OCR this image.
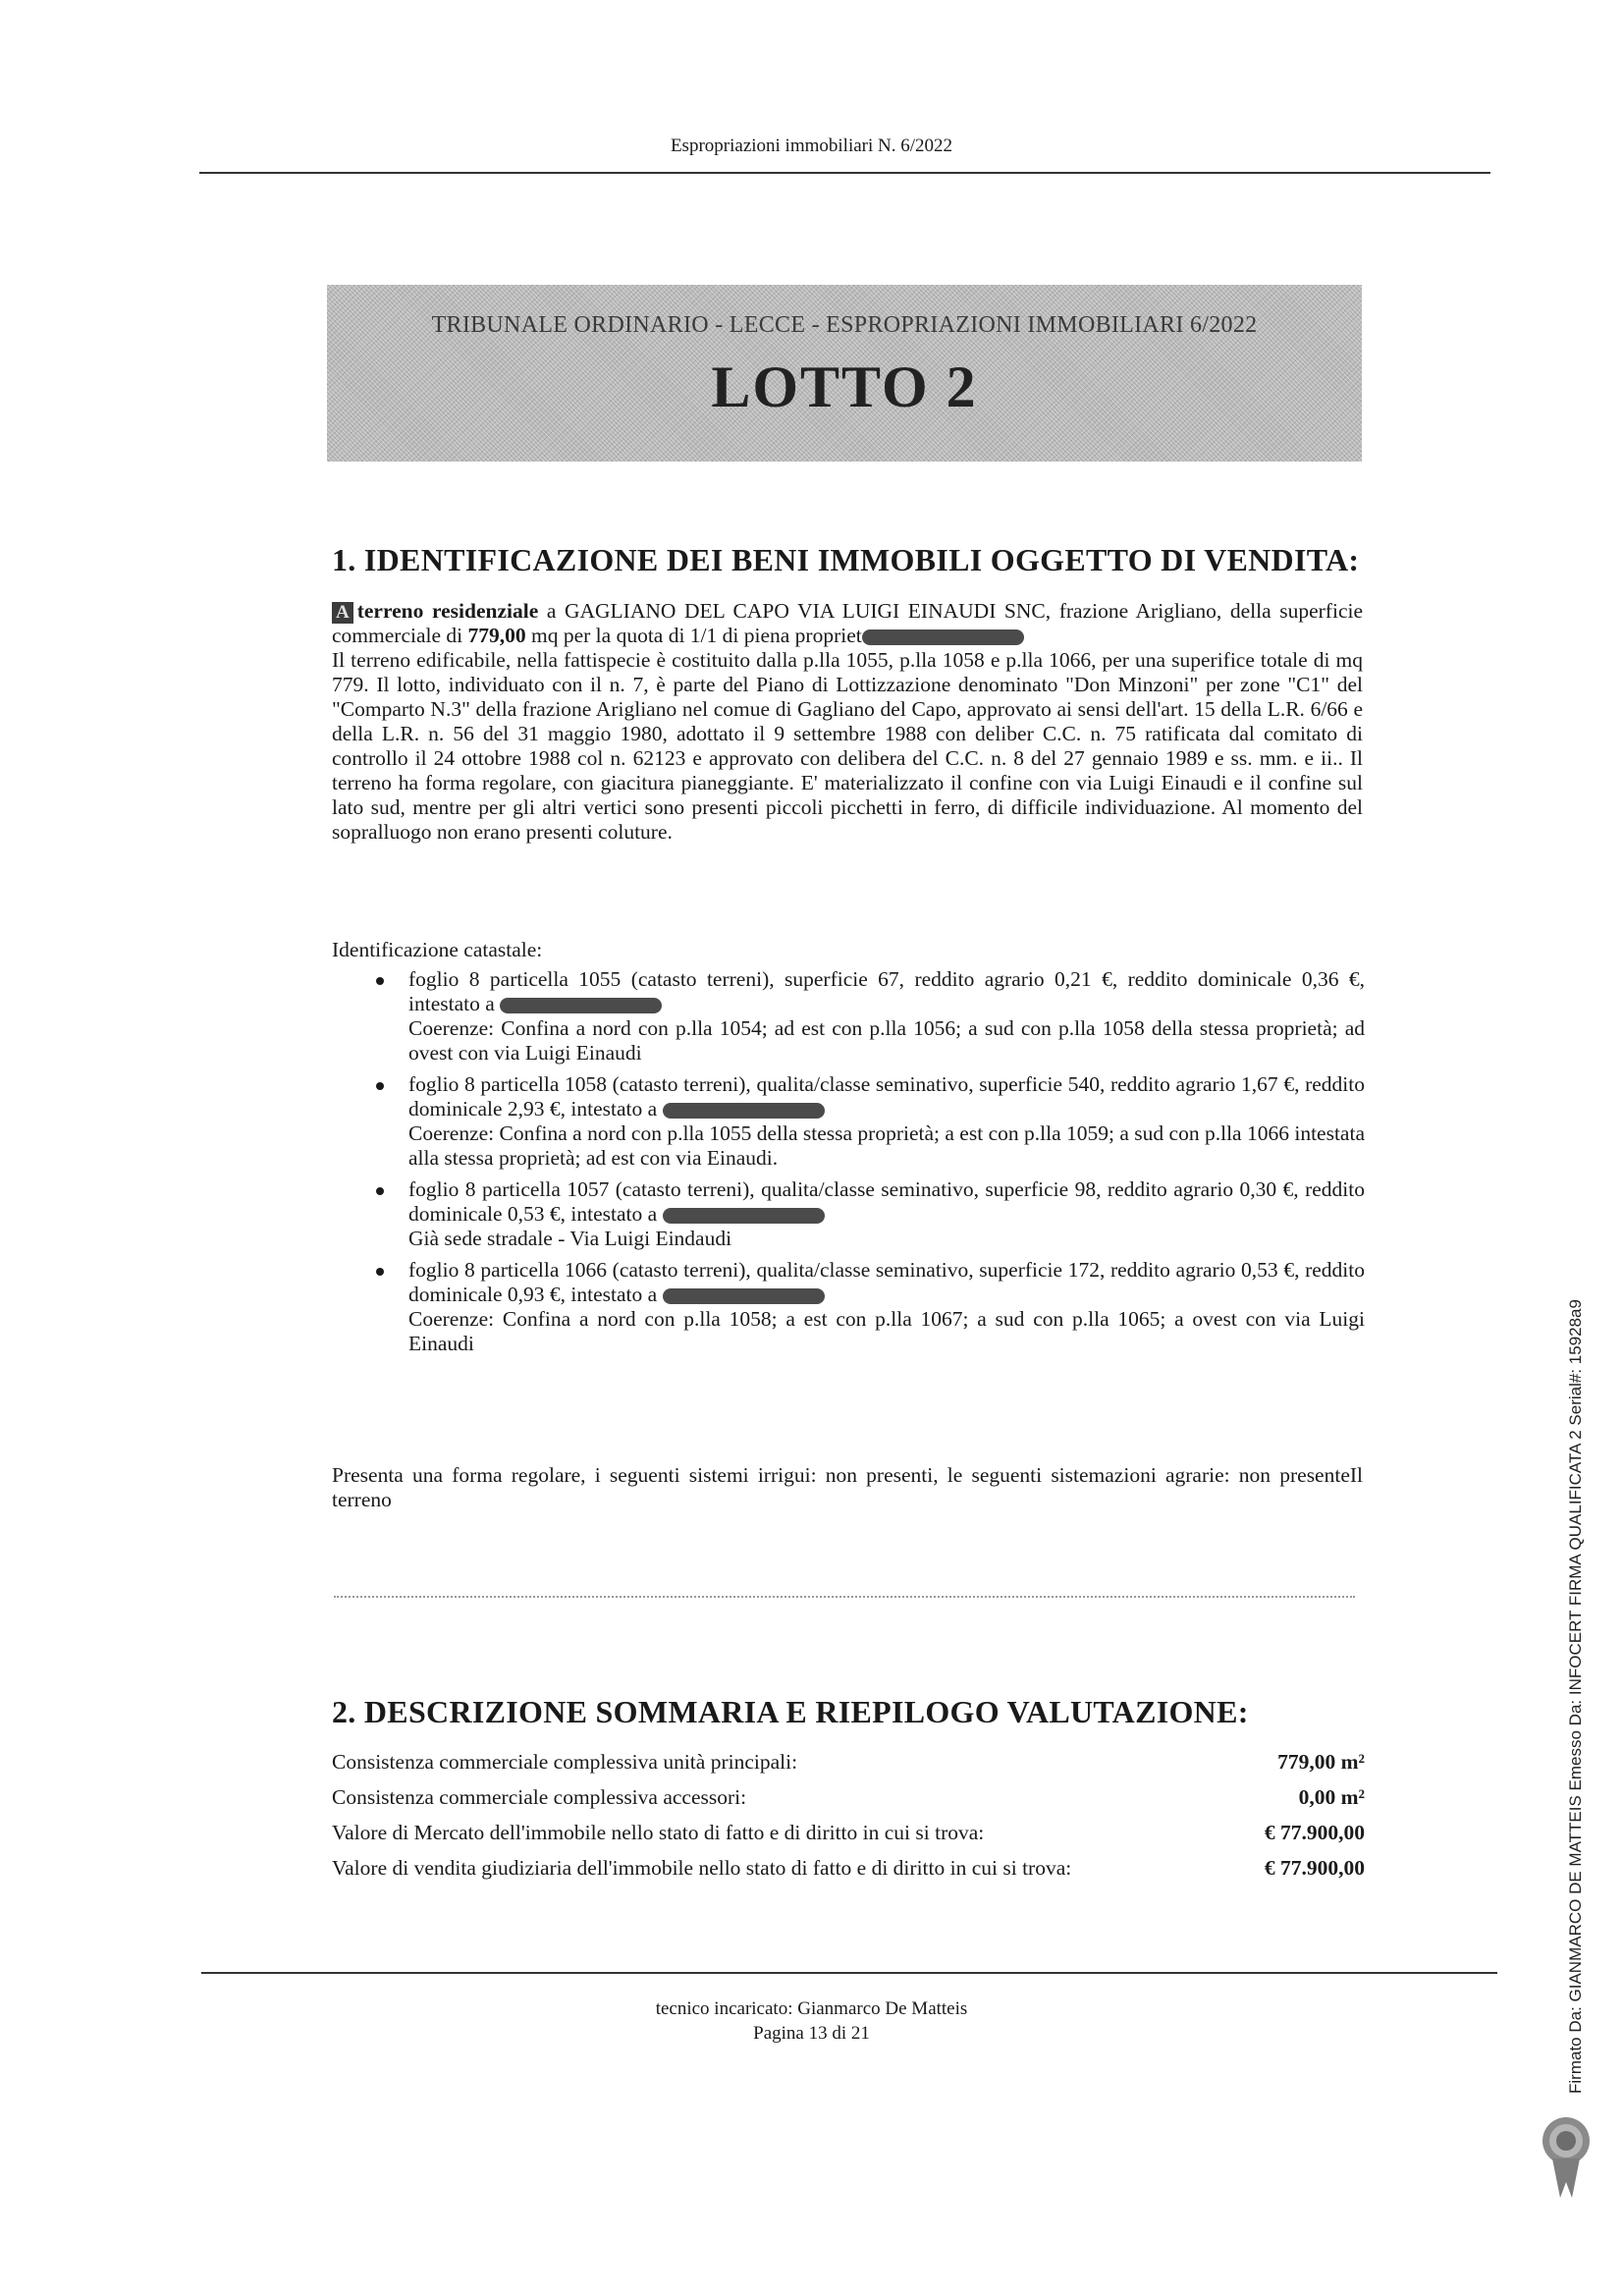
Espropriazioni immobiliari N. 6/2022
TRIBUNALE ORDINARIO - LECCE - ESPROPRIAZIONI IMMOBILIARI 6/2022
LOTTO 2
1. IDENTIFICAZIONE DEI BENI IMMOBILI OGGETTO DI VENDITA:
A terreno residenziale a GAGLIANO DEL CAPO VIA LUIGI EINAUDI SNC, frazione Arigliano, della superficie commerciale di 779,00 mq per la quota di 1/1 di piena propriet
Il terreno edificabile, nella fattispecie è costituito dalla p.lla 1055, p.lla 1058 e p.lla 1066, per una superifice totale di mq 779. Il lotto, individuato con il n. 7, è parte del Piano di Lottizzazione denominato "Don Minzoni" per zone "C1" del "Comparto N.3" della frazione Arigliano nel comue di Gagliano del Capo, approvato ai sensi dell'art. 15 della L.R. 6/66 e della L.R. n. 56 del 31 maggio 1980, adottato il 9 settembre 1988 con deliber C.C. n. 75 ratificata dal comitato di controllo il 24 ottobre 1988 col n. 62123 e approvato con delibera del C.C. n. 8 del 27 gennaio 1989 e ss. mm. e ii.. Il terreno ha forma regolare, con giacitura pianeggiante. E' materializzato il confine con via Luigi Einaudi e il confine sul lato sud, mentre per gli altri vertici sono presenti piccoli picchetti in ferro, di difficile individuazione. Al momento del sopralluogo non erano presenti coluture.
Identificazione catastale:
foglio 8 particella 1055 (catasto terreni), superficie 67, reddito agrario 0,21 €, reddito dominicale 0,36 €, intestato a
Coerenze: Confina a nord con p.lla 1054; ad est con p.lla 1056; a sud con p.lla 1058 della stessa proprietà; ad ovest con via Luigi Einaudi
foglio 8 particella 1058 (catasto terreni), qualita/classe seminativo, superficie 540, reddito agrario 1,67 €, reddito dominicale 2,93 €, intestato a
Coerenze: Confina a nord con p.lla 1055 della stessa proprietà; a est con p.lla 1059; a sud con p.lla 1066 intestata alla stessa proprietà; ad est con via Einaudi.
foglio 8 particella 1057 (catasto terreni), qualita/classe seminativo, superficie 98, reddito agrario 0,30 €, reddito dominicale 0,53 €, intestato a
Già sede stradale - Via Luigi Eindaudi
foglio 8 particella 1066 (catasto terreni), qualita/classe seminativo, superficie 172, reddito agrario 0,53 €, reddito dominicale 0,93 €, intestato a
Coerenze: Confina a nord con p.lla 1058; a est con p.lla 1067; a sud con p.lla 1065; a ovest con via Luigi Einaudi
Presenta una forma regolare, i seguenti sistemi irrigui: non presenti, le seguenti sistemazioni agrarie: non presenteIl terreno
2. DESCRIZIONE SOMMARIA E RIEPILOGO VALUTAZIONE:
Consistenza commerciale complessiva unità principali:	779,00 m²
Consistenza commerciale complessiva accessori:	0,00 m²
Valore di Mercato dell'immobile nello stato di fatto e di diritto in cui si trova:	€ 77.900,00
Valore di vendita giudiziaria dell'immobile nello stato di fatto e di diritto in cui si trova:	€ 77.900,00
tecnico incaricato: Gianmarco De Matteis
Pagina 13 di 21	Firmato Da: GIANMARCO DE MATTEIS Emesso Da: INFOCERT FIRMA QUALIFICATA 2 Serial#: 15928a9
